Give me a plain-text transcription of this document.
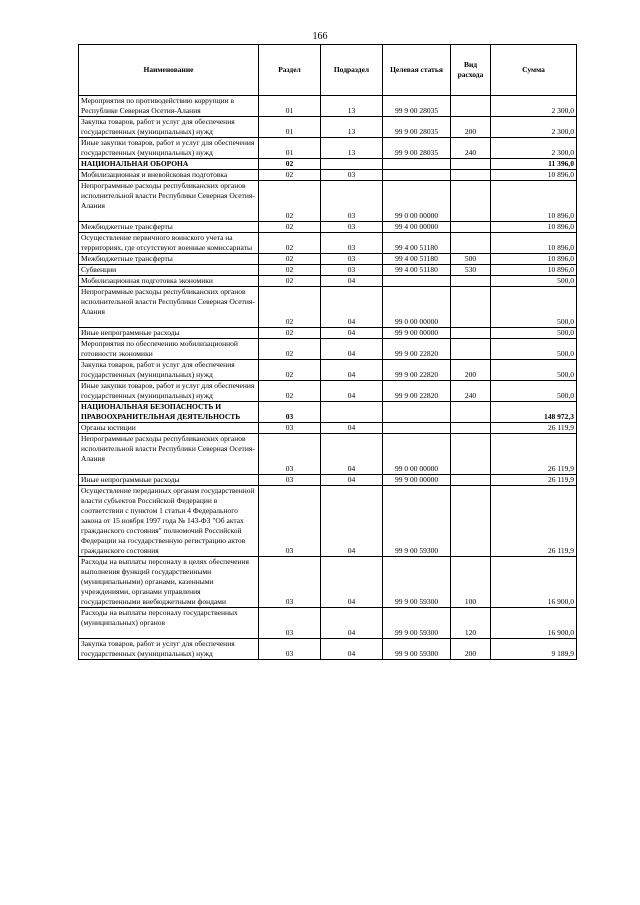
166
Наименование	Раздел	Подраздел	Целевая статья	Вид расхода	Сумма
Мероприятия по противодействию коррупции в Республике Северная Осетия-Алания	01	13	99 9 00 28035		2 300,0
Закупка товаров, работ и услуг для обеспечения государственных (муниципальных) нужд	01	13	99 9 00 28035	200	2 300,0
Иные закупки товаров, работ и услуг для обеспечения государственных (муниципальных) нужд	01	13	99 9 00 28035	240	2 300,0
НАЦИОНАЛЬНАЯ ОБОРОНА	02				11 396,0
Мобилизационная и вневойсковая подготовка	02	03			10 896,0
Непрограммные расходы республиканских органов исполнительной власти Республики Северная Осетия-Алания	02	03	99 0 00 00000		10 896,0
Межбюджетные трансферты	02	03	99 4 00 00000		10 896,0
Осуществление первичного воинского учета на территориях, где отсутствуют военные комиссариаты	02	03	99 4 00 51180		10 896,0
Межбюджетные трансферты	02	03	99 4 00 51180	500	10 896,0
Субвенции	02	03	99 4 00 51180	530	10 896,0
Мобилизационная подготовка экономики	02	04			500,0
Непрограммные расходы республиканских органов исполнительной власти Республики Северная Осетия-Алания	02	04	99 0 00 00000		500,0
Иные непрограммные расходы	02	04	99 9 00 00000		500,0
Мероприятия по обеспечению мобилизационной готовности экономики	02	04	99 9 00 22820		500,0
Закупка товаров, работ и услуг для обеспечения государственных (муниципальных) нужд	02	04	99 9 00 22820	200	500,0
Иные закупки товаров, работ и услуг для обеспечения государственных (муниципальных) нужд	02	04	99 9 00 22820	240	500,0
НАЦИОНАЛЬНАЯ БЕЗОПАСНОСТЬ И ПРАВООХРАНИТЕЛЬНАЯ ДЕЯТЕЛЬНОСТЬ	03				148 972,3
Органы юстиции	03	04			26 119,9
Непрограммные расходы республиканских органов исполнительной власти Республики Северная Осетия-Алания	03	04	99 0 00 00000		26 119,9
Иные непрограммные расходы	03	04	99 9 00 00000		26 119,9
Осуществление переданных органам государственной власти субъектов Российской Федерации в соответствии с пунктом 1 статьи 4 Федерального закона от 15 ноября 1997 года № 143-ФЗ "Об актах гражданского состояния" полномочий Российской Федерации на государственную регистрацию актов гражданского состояния	03	04	99 9 00 59300		26 119,9
Расходы на выплаты персоналу в целях обеспечения выполнения функций государственными (муниципальными) органами, казенными учреждениями, органами управления государственными внебюджетными фондами	03	04	99 9 00 59300	100	16 900,0
Расходы на выплаты персоналу государственных (муниципальных) органов	03	04	99 9 00 59300	120	16 900,0
Закупка товаров, работ и услуг для обеспечения государственных (муниципальных) нужд	03	04	99 9 00 59300	200	9 189,9
